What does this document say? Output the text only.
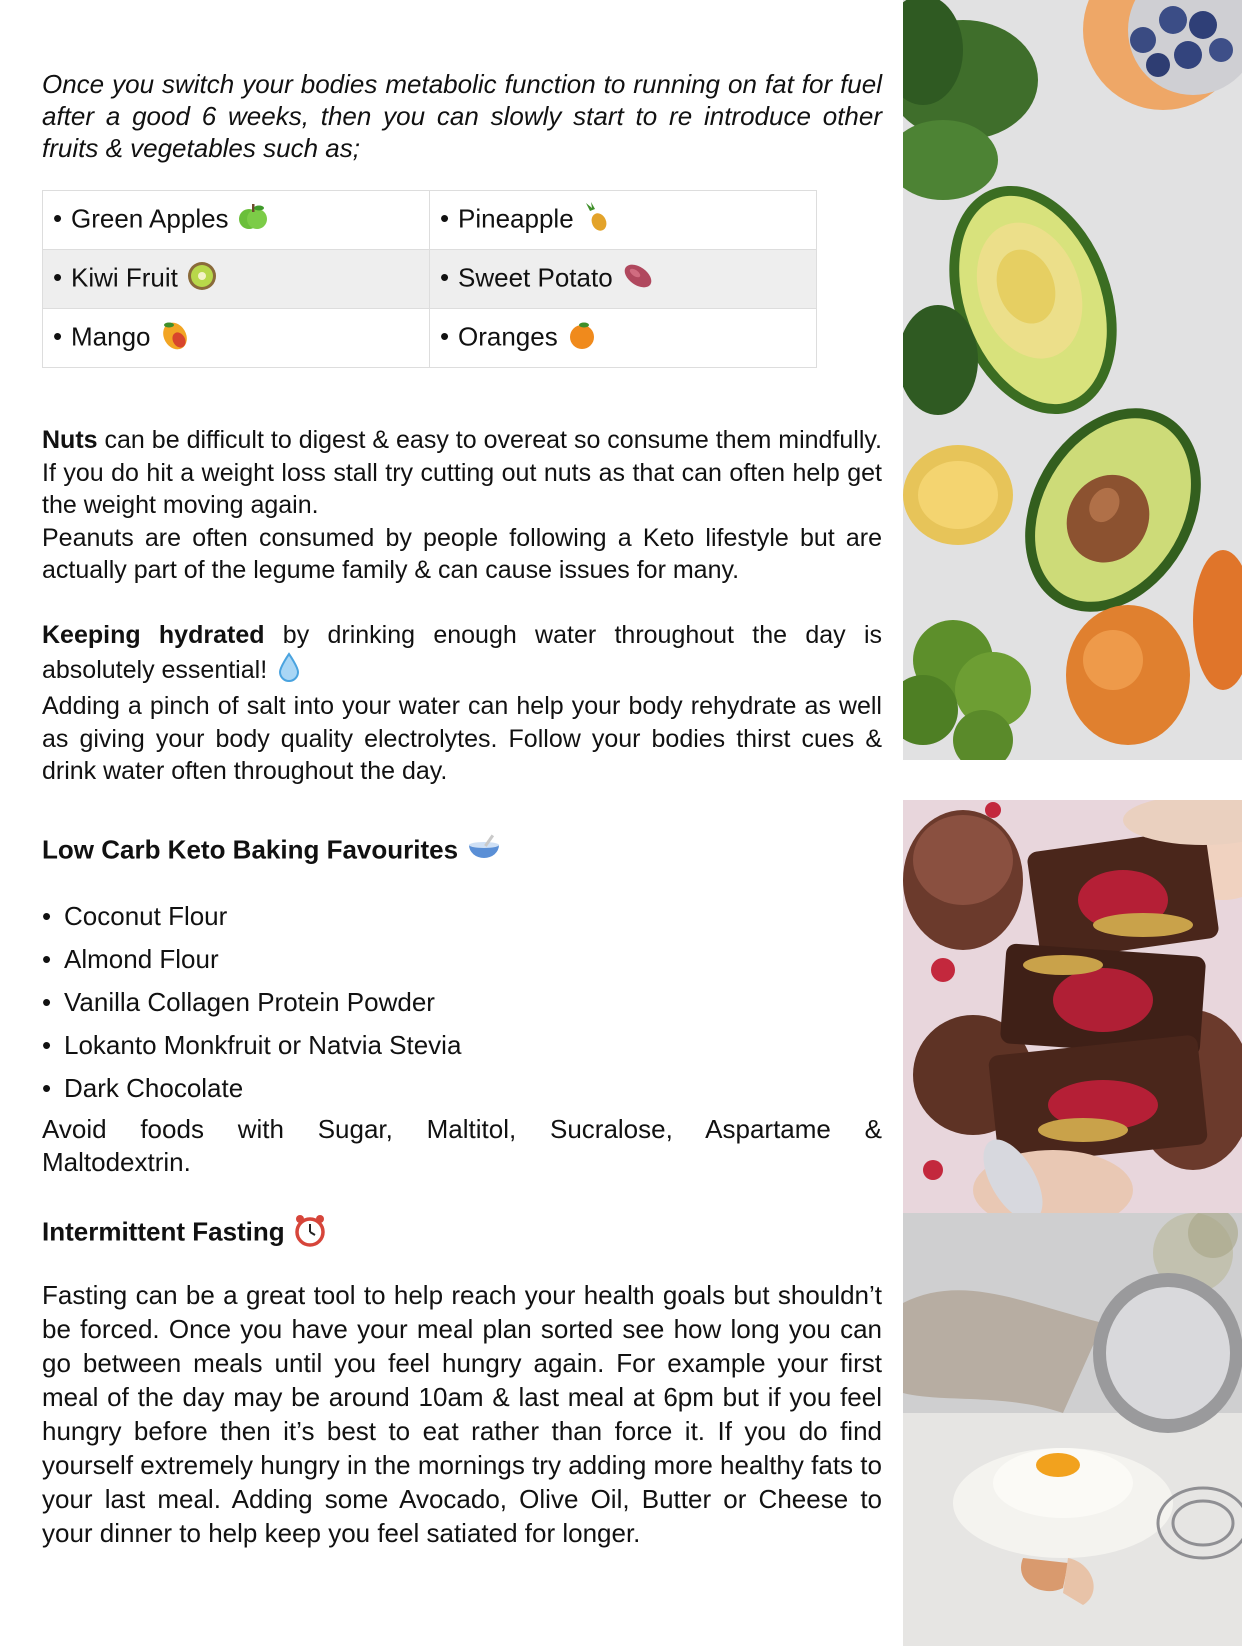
Once you switch your bodies metabolic function to running on fat for fuel after a good 6 weeks, then you can slowly start to re introduce other fruits & vegetables such as;

• Green Apples	• Pineapple
• Kiwi Fruit	• Sweet Potato
• Mango	• Oranges

Nuts can be difficult to digest & easy to overeat so consume them mindfully. If you do hit a weight loss stall try cutting out nuts as that can often help get the weight moving again.
Peanuts are often consumed by people following a Keto lifestyle but are actually part of the legume family & can cause issues for many.

Keeping hydrated by drinking enough water throughout the day is absolutely essential!
Adding a pinch of salt into your water can help your body rehydrate as well as giving your body quality electrolytes. Follow your bodies thirst cues & drink water often throughout the day.

Low Carb Keto Baking Favourites
• Coconut Flour
• Almond Flour
• Vanilla Collagen Protein Powder
• Lokanto Monkfruit or Natvia Stevia
• Dark Chocolate

Avoid foods with Sugar, Maltitol, Sucralose, Aspartame & Maltodextrin.

Intermittent Fasting

Fasting can be a great tool to help reach your health goals but shouldn’t be forced. Once you have your meal plan sorted see how long you can go between meals until you feel hungry again. For example your first meal of the day may be around 10am & last meal at 6pm but if you feel hungry before then it’s best to eat rather than force it. If you do find yourself extremely hungry in the mornings try adding more healthy fats to your last meal. Adding some Avocado, Olive Oil, Butter or Cheese to your dinner to help keep you feel satiated for longer.
